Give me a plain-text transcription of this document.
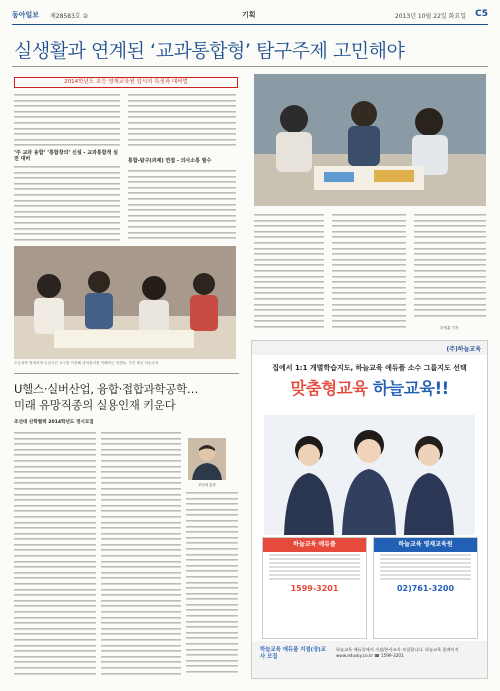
동아일보 제28583호 ②	기획	2013년 10월 22일 화요일 C5
실생활과 연계된 ‘교과통합형’ 탐구주제 고민해야
2014학년도 초등 영재교육원 입시의 특징과 대비법
‘주 교과 융합’ ‘통합창의’ 신설 - 교과통합적 실전 대비	통합-탐구(과제) 면접 - 의사소통 필수
하정훈 기자
초등과학 영재과정 수업시간 교구를 이용해 과학원리를 이해하는 학생들. 사진 제공 하늘교육
U헬스·실버산업, 융합·접합과학공학…
미래 유망직종의 실용인재 키운다
조선대 산학협력 2014학년도 정시모집
조선대 총장
(주)하늘교육
집에서 1:1 개별학습지도, 하늘교육 애듀플 소수 그룹지도 선택
맞춤형교육 하늘교육!!
하늘교육 애듀플
1599-3201
하늘교육 영재교육원
02)761-3200
하늘교육 애듀플 지점(장)교사 모집
하늘교육 애듀플에서 지점/본사교사 모집합니다. 하늘교육 홈페이지 www.edusky.co.kr ☎ 1599-3201
